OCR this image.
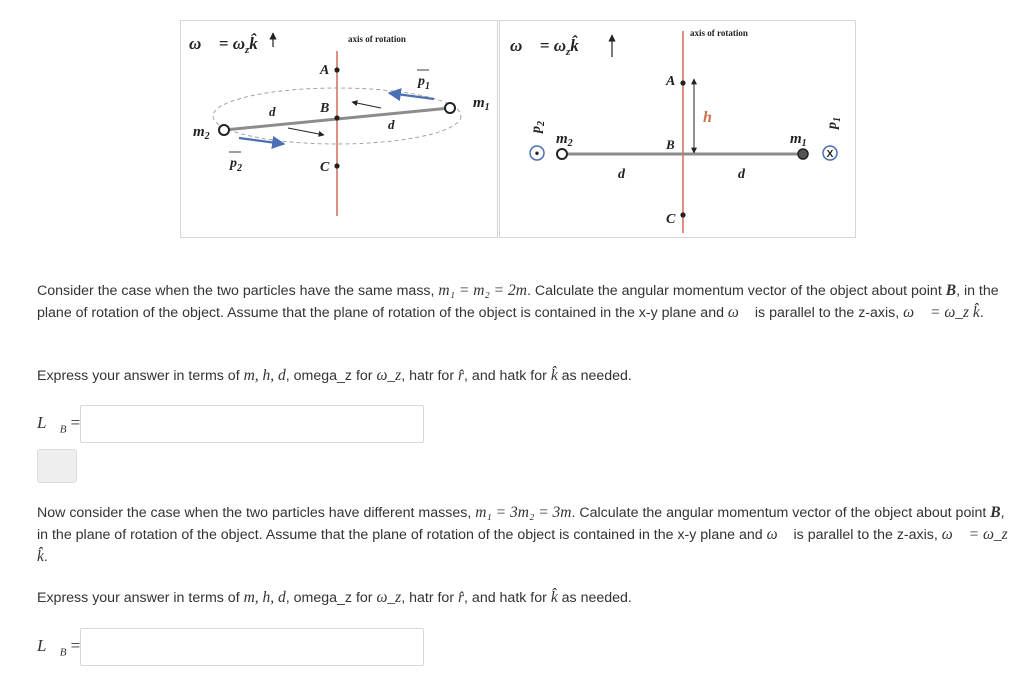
ω⃗ = $\omega_zk̂$	axis of rotation
A
B
C
d
d
$m_1$
$m_2$
$p_1$
$p_2$
ω⃗ = $\omega_zk̂$
axis of rotation
A
B
C
h
d	d
$m_2$	$m_1$
$p_2$	$p_1$
•	X
Consider the case when the two particles have the same mass, m₁ = m₂ = 2m. Calculate the angular momentum vector of the object about point B, in the plane of rotation of the object. Assume that the plane of rotation of the object is contained in the x-y plane and ω⃗ is parallel to the z-axis, ω⃗ = ω_z k̂.
Express your answer in terms of m, h, d, omega_z for ω_z, hatr for r̂, and hatk for k̂ as needed.
$L⃗_B$ =
Now consider the case when the two particles have different masses, m₁ = 3m₂ = 3m. Calculate the angular momentum vector of the object about point B, in the plane of rotation of the object. Assume that the plane of rotation of the object is contained in the x-y plane and ω⃗ is parallel to the z-axis, ω⃗ = ω_z k̂.
Express your answer in terms of m, h, d, omega_z for ω_z, hatr for r̂, and hatk for k̂ as needed.
$L⃗_B$ =
